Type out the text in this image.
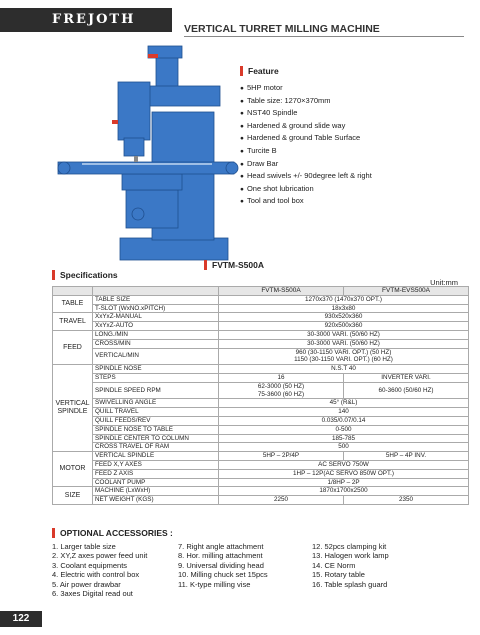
FREJOTH
VERTICAL TURRET MILLING MACHINE
Feature
● 5HP motor
● Table size: 1270×370mm
● NST40 Spindle
● Hardened & ground slide way
● Hardened & ground Table Surface
● Turcite B
● Draw Bar
● Head swivels +/- 90degree left & right
● One shot lubrication
● Tool and tool box
FVTM-S500A
Specifications
Unit:mm
		FVTM-S500A	FVTM-EVS500A
TABLE	TABLE SIZE	1270x370 (1470x370 OPT.)	
	T-SLOT (WxNO.xPITCH)	18x3x80	
TRAVEL	XxYxZ-MANUAL	930x520x360	
	XxYxZ-AUTO	920x500x360	
FEED	LONG./MIN	30-3000 VARI. (50/60 HZ)	
	CROSS/MIN	30-3000 VARI. (50/60 HZ)	
	VERTICAL/MIN	960 (30-1150 VARI. OPT.) (50 HZ)
1150 (30-1150 VARI. OPT.) (60 HZ)	

VERTICAL
SPINDLE	SPINDLE NOSE	N.S.T 40	
	STEPS	16	INVERTER VARI.
	SPINDLE SPEED RPM	62-3000 (50 HZ)
75-3600 (60 HZ)	60-3600 (50/60 HZ)
	SWIVELLING ANGLE	45° (R&L)	
	QUILL TRAVEL	140	
	QUILL FEEDS/REV	0.035/0.07/0.14	
	SPINDLE NOSE TO TABLE	0-500	
	SPINDLE CENTER TO COLUMN	185-785	
	CROSS TRAVEL OF RAM	500	
MOTOR	VERTICAL SPINDLE	5HP – 2P/4P	5HP – 4P INV.
	FEED X,Y AXES	AC SERVO 750W	
	FEED Z AXIS	1HP – 12P(AC SERVO 850W OPT.)	
	COOLANT PUMP	1/8HP – 2P	
SIZE	MACHINE (LxWxH)	1870x1700x2500	
	NET WEIGHT (KGS)	2250	2350
OPTIONAL ACCESSORIES :
1. Larger table size
2. XY,Z axes power feed unit
3. Coolant equipments
4. Electric with control box
5. Air power drawbar
6. 3axes Digital read out
7. Right angle attachment
8. Hor. milling attachment
9. Universal dividing head
10. Milling chuck set 15pcs
11. K-type milling vise
12. 52pcs clamping kit
13. Halogen work lamp
14. CE Norm
15. Rotary table
16. Table splash guard
122
